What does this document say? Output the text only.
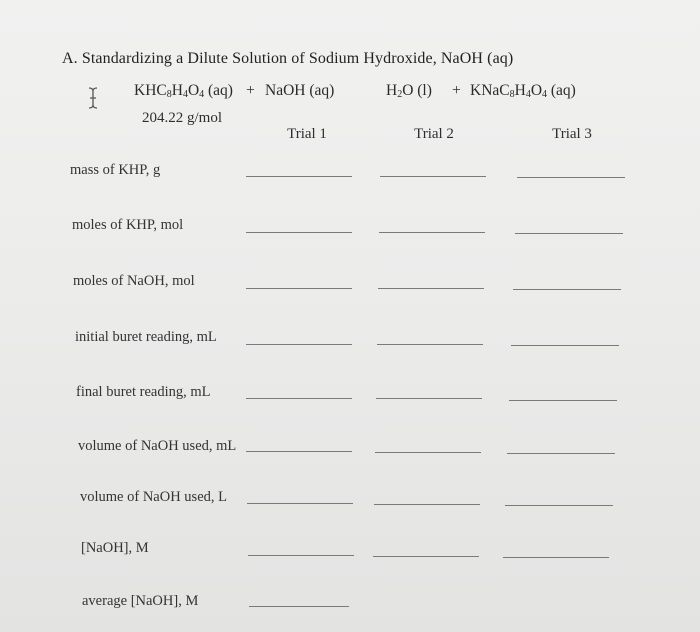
A. Standardizing a Dilute Solution of Sodium Hydroxide, NaOH (aq)
$KHC_8H_4O_4$ (aq) + NaOH (aq)	$H_2O$ $(l) + KNaC_8H_4O_4$ (aq)
204.22 g/mol
Trial 1	Trial 2	Trial 3
mass of KHP, g
moles of KHP, mol
moles of NaOH, mol
initial buret reading, mL
final buret reading, mL
volume of NaOH used, mL
volume of NaOH used, L
[NaOH], M
average [NaOH], M
